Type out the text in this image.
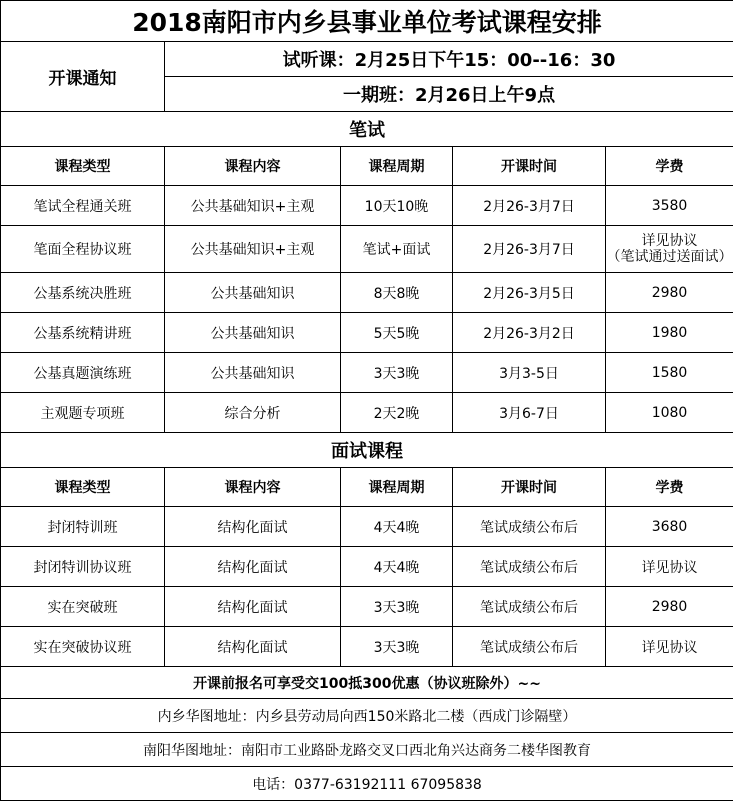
2018南阳市内乡县事业单位考试课程安排				
开课通知	试听课：2月25日下午15：00--16：30			
	一期班：2月26日上午9点			
笔试				
课程类型	课程内容	课程周期	开课时间	学费
笔试全程通关班	公共基础知识+主观	10天10晚	2月26-3月7日	3580
笔面全程协议班	公共基础知识+主观	笔试+面试	2月26-3月7日	详见协议
（笔试通过送面试）

公基系统决胜班	公共基础知识	8天8晚	2月26-3月5日	2980
公基系统精讲班	公共基础知识	5天5晚	2月26-3月2日	1980
公基真题演练班	公共基础知识	3天3晚	3月3-5日	1580
主观题专项班	综合分析	2天2晚	3月6-7日	1080
面试课程				
课程类型	课程内容	课程周期	开课时间	学费
封闭特训班	结构化面试	4天4晚	笔试成绩公布后	3680
封闭特训协议班	结构化面试	4天4晚	笔试成绩公布后	详见协议
实在突破班	结构化面试	3天3晚	笔试成绩公布后	2980
实在突破协议班	结构化面试	3天3晚	笔试成绩公布后	详见协议
开课前报名可享受交100抵300优惠（协议班除外）~~				
内乡华图地址：内乡县劳动局向西150米路北二楼（西成门诊隔壁）				
南阳华图地址：南阳市工业路卧龙路交叉口西北角兴达商务二楼华图教育				
电话：0377-63192111 67095838				
